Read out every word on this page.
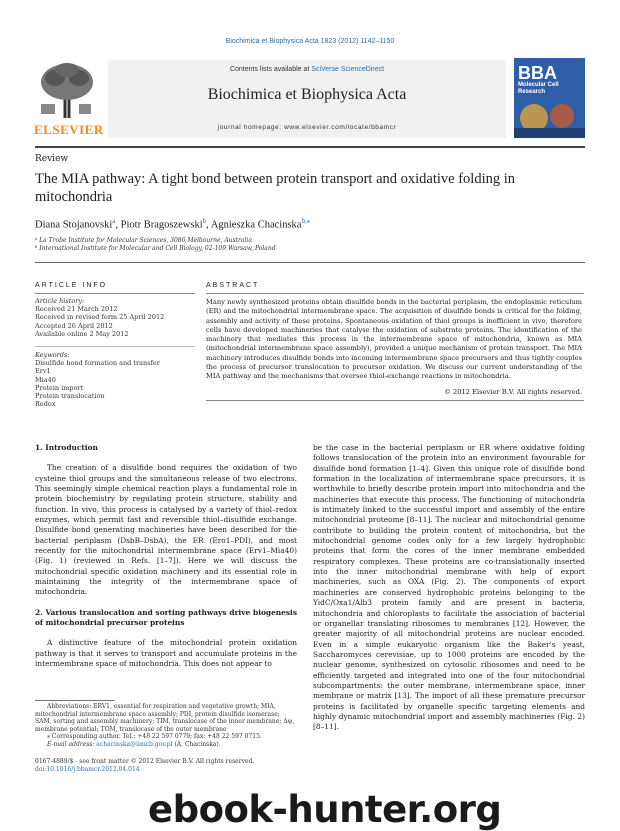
Biochimica et Biophysica Acta 1823 (2012) 1142–1150
ELSEVIER
Contents lists available at SciVerse ScienceDirect
Biochimica et Biophysica Acta
journal homepage: www.elsevier.com/locate/bbamcr
BBA
Molecular Cell Research
Review
The MIA pathway: A tight bond between protein transport and oxidative folding in mitochondria
Diana Stojanovski$^a$, Piotr Bragoszewski$^b$, Agnieszka Chacinska$^{b,⁎}$
ᵃ La Trobe Institute for Molecular Sciences, 3086 Melbourne, Australia
ᵇ International Institute for Molecular and Cell Biology, 02-109 Warsaw, Poland
ARTICLE INFO
Article history:
Received 21 March 2012
Received in revised form 25 April 2012
Accepted 26 April 2012
Available online 2 May 2012
Keywords:
Disulfide bond formation and transfer
Erv1
Mia40
Protein import
Protein translocation
Redox
ABSTRACT
Many newly synthesized proteins obtain disulfide bonds in the bacterial periplasm, the endoplasmic reticulum (ER) and the mitochondrial intermembrane space. The acquisition of disulfide bonds is critical for the folding, assembly and activity of these proteins. Spontaneous oxidation of thiol groups is inefficient in vivo, therefore cells have developed machineries that catalyse the oxidation of substrate proteins. The identification of the machinery that mediates this process in the intermembrane space of mitochondria, known as MIA (mitochondrial intermembrane space assembly), provided a unique mechanism of protein transport. The MIA machinery introduces disulfide bonds into incoming intermembrane space precursors and thus tightly couples the process of precursor translocation to precursor oxidation. We discuss our current understanding of the MIA pathway and the mechanisms that oversee thiol-exchange reactions in mitochondria.
© 2012 Elsevier B.V. All rights reserved.
1. Introduction

The creation of a disulfide bond requires the oxidation of two cysteine thiol groups and the simultaneous release of two electrons. This seemingly simple chemical reaction plays a fundamental role in protein biochemistry by regulating protein structure, stability and function. In vivo, this process is catalysed by a variety of thiol–redox enzymes, which permit fast and reversible thiol–disulfide exchange. Disulfide bond generating machineries have been described for the bacterial periplasm (DsbB–DsbA), the ER (Ero1–PDI), and most recently for the mitochondrial intermembrane space (Erv1–Mia40) (Fig. 1) (reviewed in Refs. [1–7]). Here we will discuss the mitochondrial specific oxidation machinery and its essential role in maintaining the integrity of the intermembrane space of mitochondria.

2. Various translocation and sorting pathways drive biogenesis of mitochondrial precursor proteins

A distinctive feature of the mitochondrial protein oxidation pathway is that it serves to transport and accumulate proteins in the intermembrane space of mitochondria. This does not appear to

Abbreviations: ERV1, essential for respiration and vegetative growth; MIA, mitochondrial intermembrane space assembly; PDI, protein disulfide isomerase; SAM, sorting and assembly machinery; TIM, translocase of the inner membrane; Δψ, membrane potential; TOM, translocase of the outer membrane
⁎ Corresponding author. Tel.: +48 22 597 0779; fax: +48 22 597 0715.
E-mail address: achacinska@iimcb.gov.pl (A. Chacinska).
0167-4889/$ - see front matter © 2012 Elsevier B.V. All rights reserved.
doi:10.1016/j.bbamcr.2012.04.014

be the case in the bacterial periplasm or ER where oxidative folding follows translocation of the protein into an environment favourable for disulfide bond formation [1–4]. Given this unique role of disulfide bond formation in the localization of intermembrane space precursors, it is worthwhile to briefly describe protein import into mitochondria and the machineries that execute this process. The functioning of mitochondria is intimately linked to the successful import and assembly of the entire mitochondrial proteome [8–11]. The nuclear and mitochondrial genome contribute to building the protein content of mitochondria, but the mitochondrial genome codes only for a few largely hydrophobic proteins that form the cores of the inner membrane embedded respiratory complexes. These proteins are co-translationally inserted into the inner mitochondrial membrane with help of export machineries, such as OXA (Fig. 2). The components of export machineries are conserved hydrophobic proteins belonging to the YidC/Oxa1/Alb3 protein family and are present in bacteria, mitochondria and chloroplasts to facilitate the association of bacterial or organellar translating ribosomes to membranes [12]. However, the greater majority of all mitochondrial proteins are nuclear encoded. Even in a simple eukaryotic organism like the Baker's yeast, Saccharomyces cerevisiae, up to 1000 proteins are encoded by the nuclear genome, synthesized on cytosolic ribosomes and need to be efficiently targeted and integrated into one of the four mitochondrial subcompartments: the outer membrane, intermembrane space, inner membrane or matrix [13]. The import of all these premature precursor proteins is facilitated by organelle specific targeting elements and highly dynamic mitochondrial import and assembly machineries (Fig. 2) [8–11].

ebook-hunter.org
